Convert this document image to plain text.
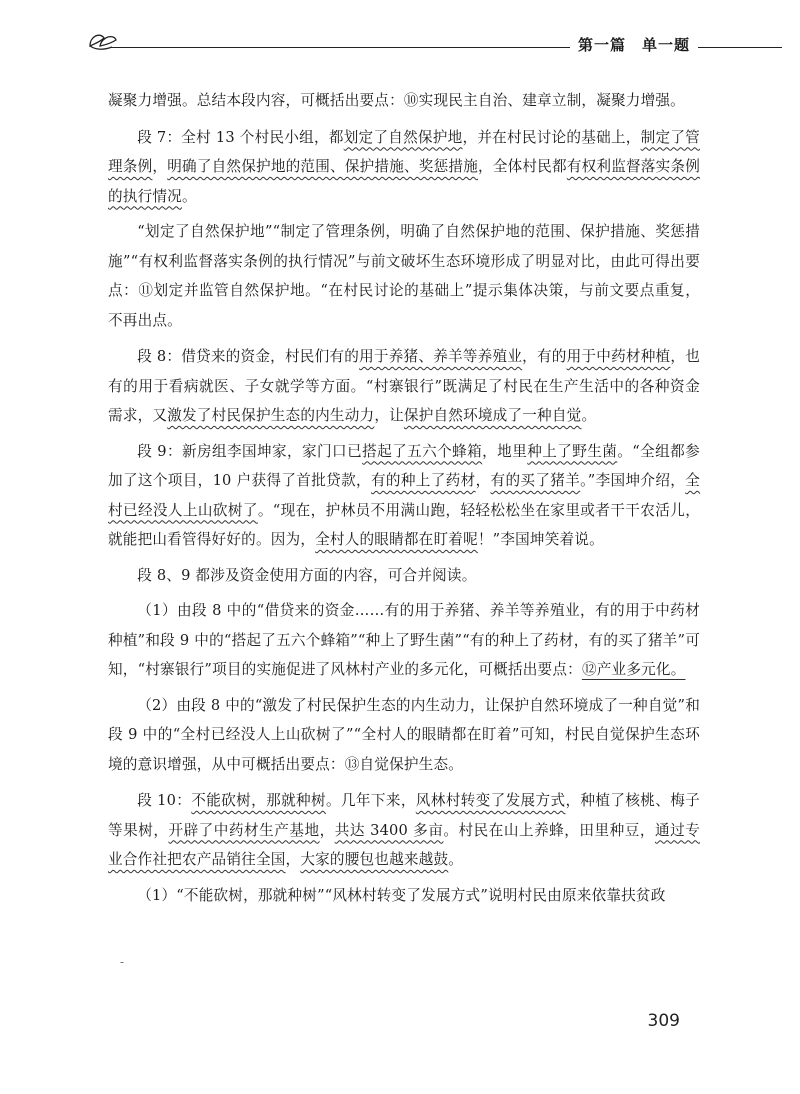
第一篇　单一题

凝聚力增强。总结本段内容，可概括出要点：⑩实现民主自治、建章立制，凝聚力增强。

段 7：全村 13 个村民小组，都划定了自然保护地，并在村民讨论的基础上，制定了管理条例，明确了自然保护地的范围、保护措施、奖惩措施，全体村民都有权利监督落实条例的执行情况。

“划定了自然保护地”“制定了管理条例，明确了自然保护地的范围、保护措施、奖惩措施”“有权利监督落实条例的执行情况”与前文破坏生态环境形成了明显对比，由此可得出要点：⑪划定并监管自然保护地。“在村民讨论的基础上”提示集体决策，与前文要点重复，不再出点。

段 8：借贷来的资金，村民们有的用于养猪、养羊等养殖业，有的用于中药材种植，也有的用于看病就医、子女就学等方面。“村寨银行”既满足了村民在生产生活中的各种资金需求，又激发了村民保护生态的内生动力，让保护自然环境成了一种自觉。

段 9：新房组李国坤家，家门口已搭起了五六个蜂箱，地里种上了野生菌。“全组都参加了这个项目，10 户获得了首批贷款，有的种上了药材，有的买了猪羊。”李国坤介绍，全村已经没人上山砍树了。“现在，护林员不用满山跑，轻轻松松坐在家里或者干干农活儿，就能把山看管得好好的。因为，全村人的眼睛都在盯着呢！”李国坤笑着说。

段 8、9 都涉及资金使用方面的内容，可合并阅读。

（1）由段 8 中的“借贷来的资金……有的用于养猪、养羊等养殖业，有的用于中药材种植”和段 9 中的“搭起了五六个蜂箱”“种上了野生菌”“有的种上了药材，有的买了猪羊”可知，“村寨银行”项目的实施促进了风林村产业的多元化，可概括出要点：⑫产业多元化。

（2）由段 8 中的“激发了村民保护生态的内生动力，让保护自然环境成了一种自觉”和段 9 中的“全村已经没人上山砍树了”“全村人的眼睛都在盯着”可知，村民自觉保护生态环境的意识增强，从中可概括出要点：⑬自觉保护生态。

段 10：不能砍树，那就种树。几年下来，风林村转变了发展方式，种植了核桃、梅子等果树，开辟了中药材生产基地，共达 3400 多亩。村民在山上养蜂，田里种豆，通过专业合作社把农产品销往全国，大家的腰包也越来越鼓。

（1）“不能砍树，那就种树”“风林村转变了发展方式”说明村民由原来依靠扶贫政

-
309
